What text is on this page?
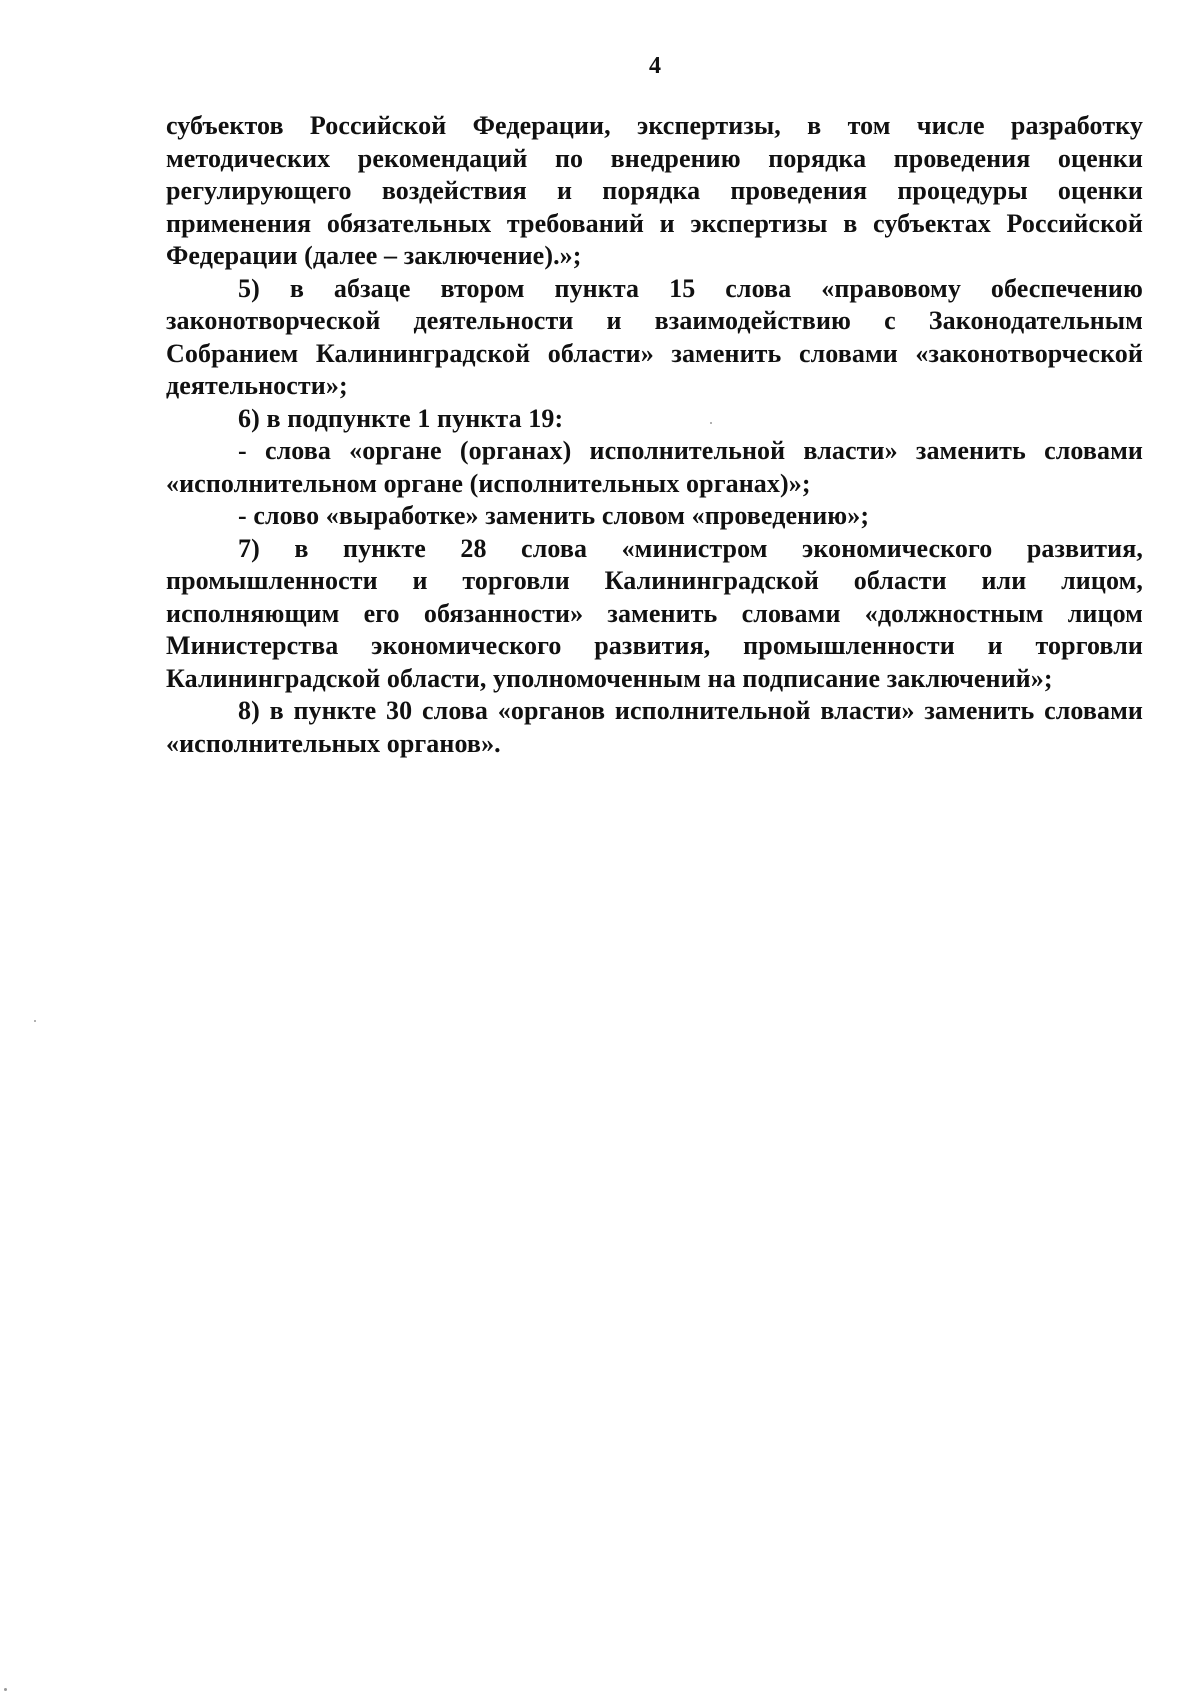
4

субъектов Российской Федерации, экспертизы, в том числе разработку методических рекомендаций по внедрению порядка проведения оценки регулирующего воздействия и порядка проведения процедуры оценки применения обязательных требований и экспертизы в субъектах Российской Федерации (далее – заключение).»;

5) в абзаце втором пункта 15 слова «правовому обеспечению законотворческой деятельности и взаимодействию с Законодательным Собранием Калининградской области» заменить словами «законотворческой деятельности»;

6) в подпункте 1 пункта 19:

- слова «органе (органах) исполнительной власти» заменить словами «исполнительном органе (исполнительных органах)»;

- слово «выработке» заменить словом «проведению»;

7) в пункте 28 слова «министром экономического развития, промышленности и торговли Калининградской области или лицом, исполняющим его обязанности» заменить словами «должностным лицом Министерства экономического развития, промышленности и торговли Калининградской области, уполномоченным на подписание заключений»;

8) в пункте 30 слова «органов исполнительной власти» заменить словами «исполнительных органов».
